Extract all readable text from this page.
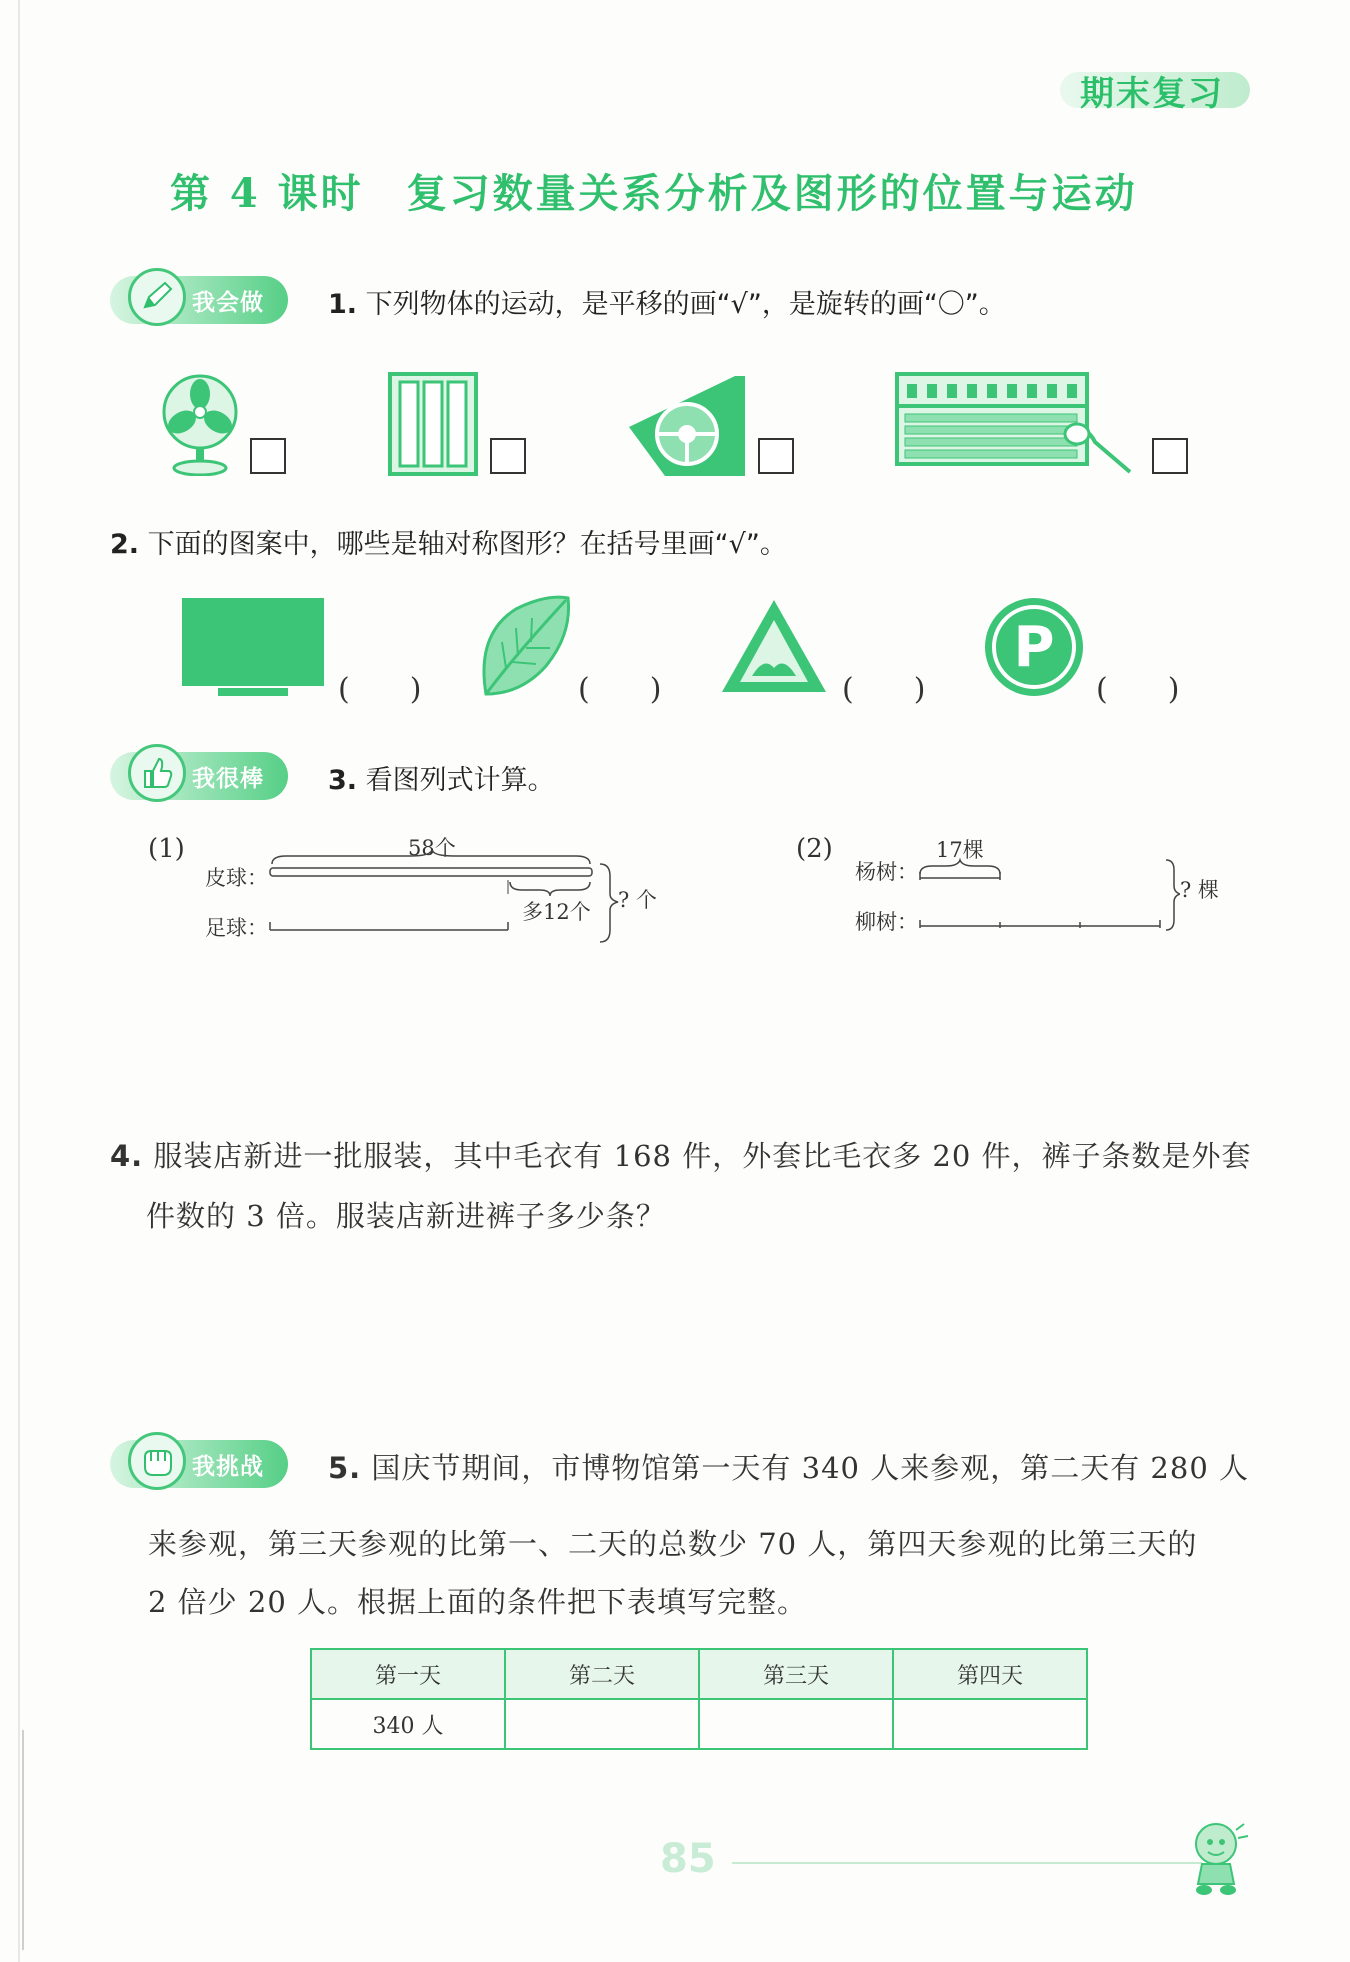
期末复习
第 4 课时　复习数量关系分析及图形的位置与运动
我会做 1. 下列物体的运动，是平移的画“√”，是旋转的画“〇”。
2. 下面的图案中，哪些是轴对称图形？在括号里画“√”。
(　　)	(　　)	(　　)
P
(　　)
我很棒 3. 看图列式计算。
(1)	58个
皮球：
足球：
多12个 ? 个
(2)	17棵
杨树：
柳树：
? 棵
4. 服装店新进一批服装，其中毛衣有 168 件，外套比毛衣多 20 件，裤子条数是外套
件数的 3 倍。服装店新进裤子多少条？
我挑战 5. 国庆节期间，市博物馆第一天有 340 人来参观，第二天有 280 人
来参观，第三天参观的比第一、二天的总数少 70 人，第四天参观的比第三天的
2 倍少 20 人。根据上面的条件把下表填写完整。
第一天	第二天	第三天	第四天
340 人			
85
